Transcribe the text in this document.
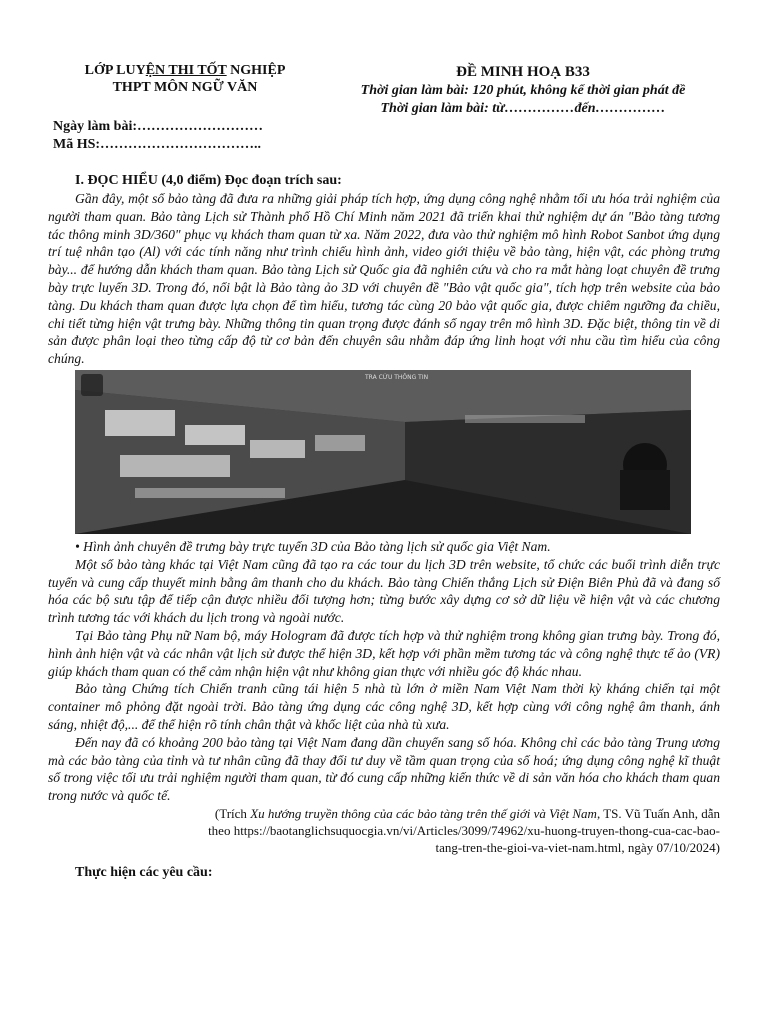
LỚP LUYỆN THI TỐT NGHIỆP
THPT MÔN NGỮ VĂN
ĐỀ MINH HOẠ B33
Thời gian làm bài: 120 phút, không kể thời gian phát đề
Thời gian làm bài: từ……………đến……………
Ngày làm bài:………………………
Mã HS:……………………………..
I. ĐỌC HIỂU (4,0 điểm) Đọc đoạn trích sau:

Gần đây, một số bảo tàng đã đưa ra những giải pháp tích hợp, ứng dụng công nghệ nhằm tối ưu hóa trải nghiệm của người tham quan. Bảo tàng Lịch sử Thành phố Hồ Chí Minh năm 2021 đã triển khai thử nghiệm dự án "Bảo tàng tương tác thông minh 3D/360" phục vụ khách tham quan từ xa. Năm 2022, đưa vào thử nghiệm mô hình Robot Sanbot ứng dụng trí tuệ nhân tạo (Al) với các tính năng như trình chiếu hình ảnh, video giới thiệu về bảo tàng, hiện vật, các phòng trưng bày... để hướng dẫn khách tham quan. Bảo tàng Lịch sử Quốc gia đã nghiên cứu và cho ra mắt hàng loạt chuyên đề trưng bày trực luyến 3D. Trong đó, nổi bật là Bảo tàng ảo 3D với chuyên đề "Bảo vật quốc gia", tích hợp trên website của bảo tàng. Du khách tham quan được lựa chọn để tìm hiểu, tương tác cùng 20 bảo vật quốc gia, được chiêm ngưỡng đa chiều, chi tiết từng hiện vật trưng bày. Những thông tin quan trọng được đánh số ngay trên mô hình 3D. Đặc biệt, thông tin về di sản được phân loại theo từng cấp độ từ cơ bản đến chuyên sâu nhằm đáp ứng linh hoạt với nhu cầu tìm hiểu của công chúng.

TRA CỨU THÔNG TIN
• Hình ảnh chuyên đề trưng bày trực tuyến 3D của Bảo tàng lịch sử quốc gia Việt Nam.

Một số bảo tàng khác tại Việt Nam cũng đã tạo ra các tour du lịch 3D trên website, tổ chức các buổi trình diễn trực tuyến và cung cấp thuyết minh bằng âm thanh cho du khách. Bảo tàng Chiến thắng Lịch sử Điện Biên Phủ đã và đang số hóa các bộ sưu tập để tiếp cận được nhiều đối tượng hơn; từng bước xây dựng cơ sở dữ liệu về hiện vật và các chương trình tương tác với khách du lịch trong và ngoài nước.

Tại Bảo tàng Phụ nữ Nam bộ, máy Hologram đã được tích hợp và thử nghiệm trong không gian trưng bày. Trong đó, hình ảnh hiện vật và các nhân vật lịch sử được thể hiện 3D, kết hợp với phần mềm tương tác và công nghệ thực tế ảo (VR) giúp khách tham quan có thể cảm nhận hiện vật như không gian thực với nhiều góc độ khác nhau.

Bảo tàng Chứng tích Chiến tranh cũng tái hiện 5 nhà tù lớn ở miền Nam Việt Nam thời kỳ kháng chiến tại một container mô phỏng đặt ngoài trời. Bảo tàng ứng dụng các công nghệ 3D, kết hợp cùng với công nghệ âm thanh, ánh sáng, nhiệt độ,... để thể hiện rõ tính chân thật và khốc liệt của nhà tù xưa.

Đến nay đã có khoảng 200 bảo tàng tại Việt Nam đang dần chuyển sang số hóa. Không chỉ các bảo tàng Trung ương mà các bảo tàng của tỉnh và tư nhân cũng đã thay đổi tư duy về tầm quan trọng của số hoá; ứng dụng công nghệ kĩ thuật số trong việc tối ưu trải nghiệm người tham quan, từ đó cung cấp những kiến thức về di sản văn hóa cho khách tham quan trong nước và quốc tế.

(Trích Xu hướng truyền thông của các bảo tàng trên thế giới và Việt Nam, TS. Vũ Tuấn Anh, dẫn
theo https://baotanglichsuquocgia.vn/vi/Articles/3099/74962/xu-huong-truyen-thong-cua-cac-bao-
tang-tren-the-gioi-va-viet-nam.html, ngày 07/10/2024)
Thực hiện các yêu cầu:
